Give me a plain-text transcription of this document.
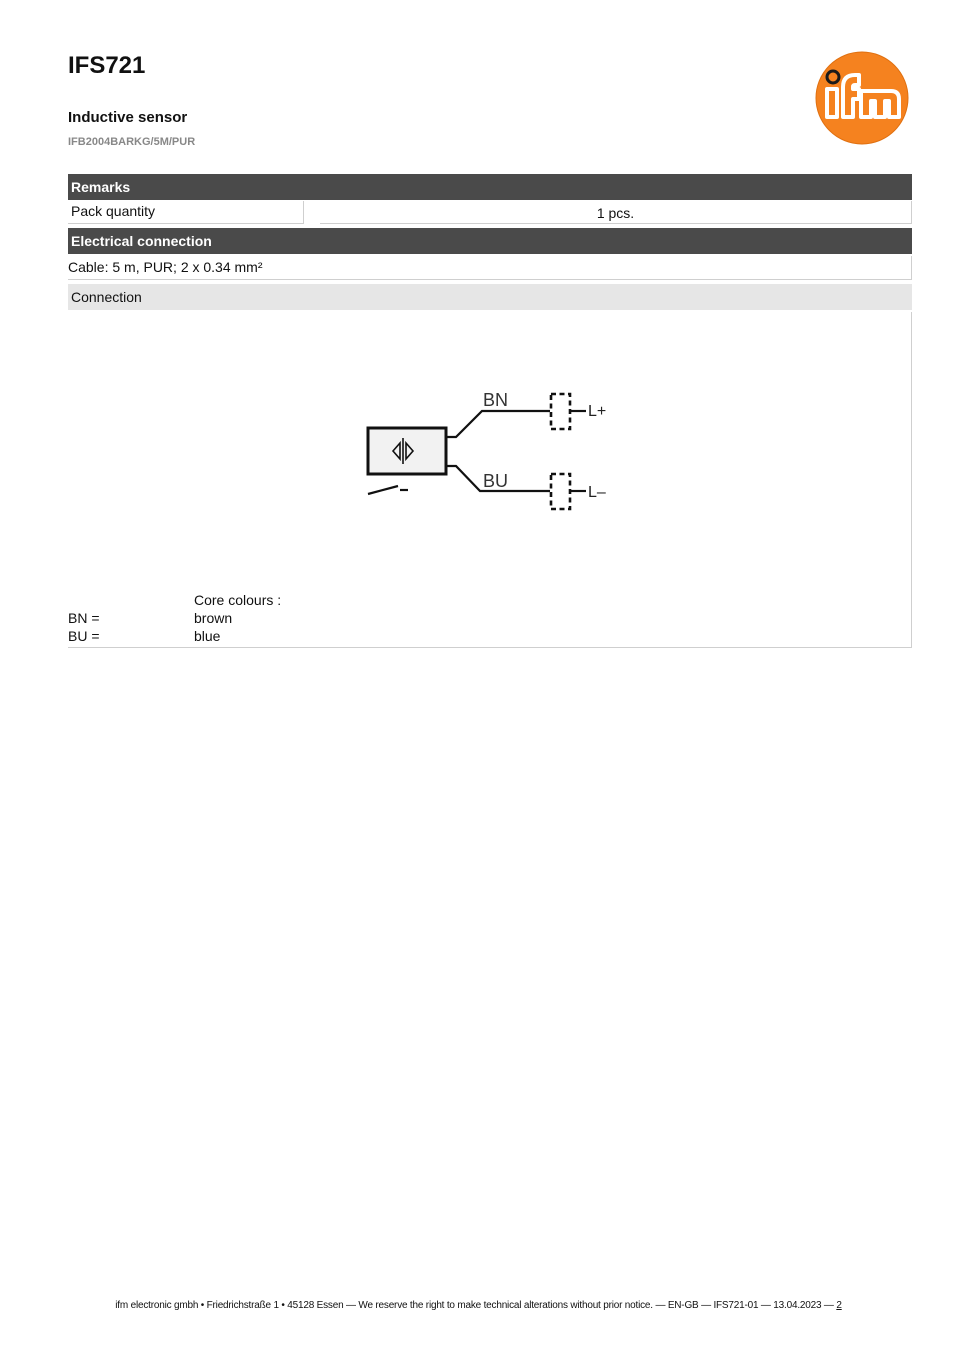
IFS721
Inductive sensor
IFB2004BARKG/5M/PUR
Remarks
Pack quantity	1 pcs.
Electrical connection
Cable: 5 m, PUR; 2 x 0.34 mm²
Connection
BN
L+
BU
L–
Core colours :
BN =	brown
BU =	blue
ifm electronic gmbh • Friedrichstraße 1 • 45128 Essen — We reserve the right to make technical alterations without prior notice. — EN-GB — IFS721-01 — 13.04.2023 — 2
